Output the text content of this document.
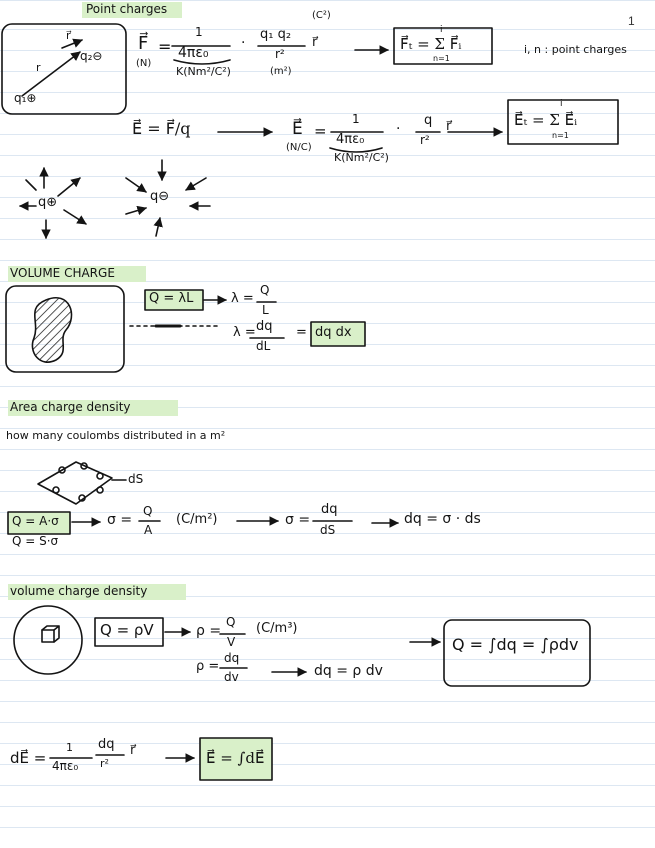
1
Point charges
q₁⊕
q₂⊖
r
r⃗	F⃗
(N)
=
1
4πε₀
K(Nm²/C²)
·
(C²)
q₁ q₂
r²
(m²)
r⃗	F⃗ₜ = Σ F⃗ᵢ
i
n=1
i, n : point charges
E⃗ = F⃗/q	E⃗
(N/C)
=
1
4πε₀
K(Nm²/C²)
·
q
r²
r⃗	E⃗ₜ = Σ E⃗ᵢ
i
n=1
q⊕	q⊖
VOLUME CHARGE
Q = λL	λ =
Q
L
λ = dq
dL
= dq dx
Area charge density
how many coulombs distributed in a m²
dS
Q = A·σ
Q = S·σ
σ =
Q
A
(C/m²)	σ =
dq
dS
dq = σ · ds
volume charge density
Q = ρV	ρ =
Q
V
(C/m³)
ρ =
dq
dv	dq = ρ dv
Q = ∫dq = ∫ρdv
dE⃗ =
1
4πε₀
dq
r²
r⃗	E⃗ = ∫dE⃗
